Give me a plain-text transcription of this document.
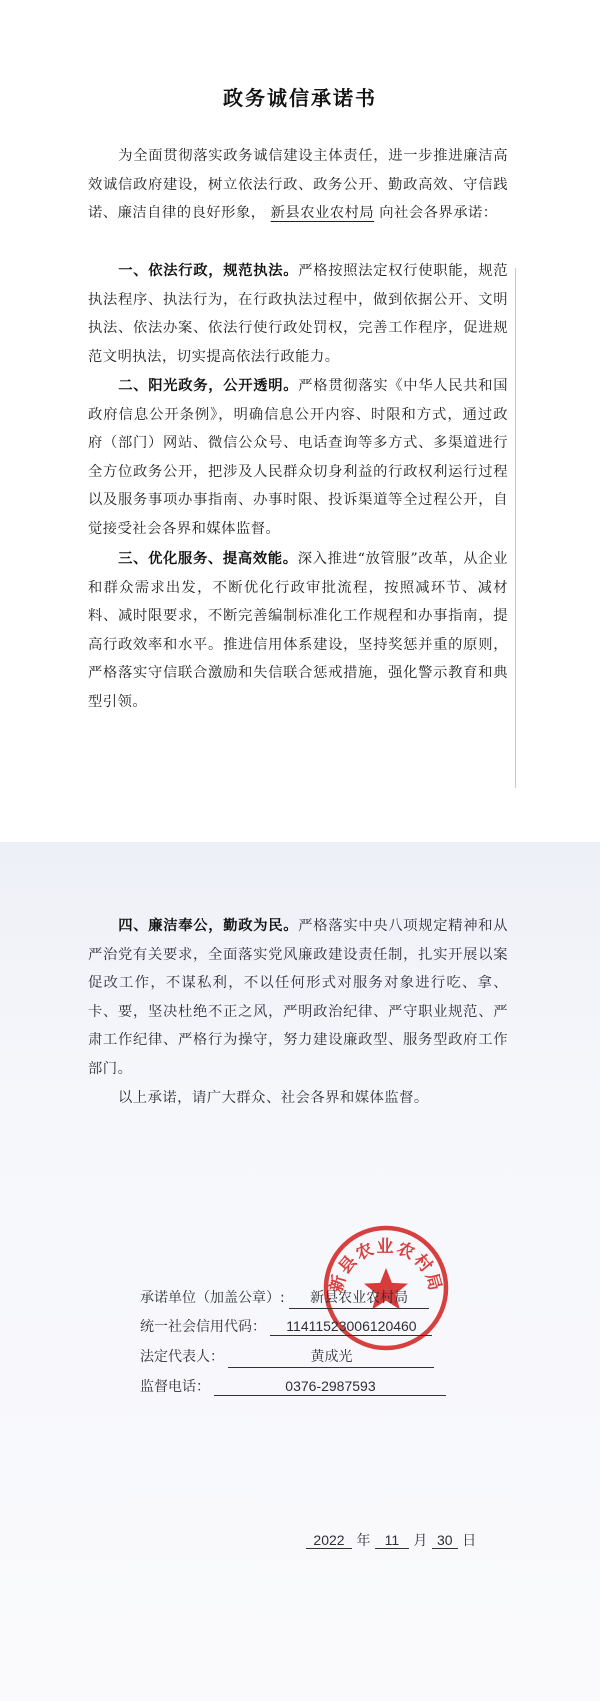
政务诚信承诺书

为全面贯彻落实政务诚信建设主体责任，进一步推进廉洁高效诚信政府建设，树立依法行政、政务公开、勤政高效、守信践诺、廉洁自律的良好形象， 新县农业农村局 向社会各界承诺：

一、依法行政，规范执法。严格按照法定权行使职能，规范执法程序、执法行为，在行政执法过程中，做到依据公开、文明执法、依法办案、依法行使行政处罚权，完善工作程序，促进规范文明执法，切实提高依法行政能力。

二、阳光政务，公开透明。严格贯彻落实《中华人民共和国政府信息公开条例》，明确信息公开内容、时限和方式，通过政府（部门）网站、微信公众号、电话查询等多方式、多渠道进行全方位政务公开，把涉及人民群众切身利益的行政权利运行过程以及服务事项办事指南、办事时限、投诉渠道等全过程公开，自觉接受社会各界和媒体监督。

三、优化服务、提高效能。深入推进“放管服”改革，从企业和群众需求出发，不断优化行政审批流程，按照减环节、减材料、减时限要求，不断完善编制标准化工作规程和办事指南，提高行政效率和水平。推进信用体系建设，坚持奖惩并重的原则，严格落实守信联合激励和失信联合惩戒措施，强化警示教育和典型引领。

四、廉洁奉公，勤政为民。严格落实中央八项规定精神和从严治党有关要求，全面落实党风廉政建设责任制，扎实开展以案促改工作，不谋私利，不以任何形式对服务对象进行吃、拿、卡、要，坚决杜绝不正之风，严明政治纪律、严守职业规范、严肃工作纪律、严格行为操守，努力建设廉政型、服务型政府工作部门。

以上承诺，请广大群众、社会各界和媒体监督。

新县农业农村局
承诺单位（加盖公章）: 新县农业农村局
统一社会信用代码： 11411523006120460
法定代表人：	黄成光
监督电话：	0376-2987593
2022 年 11 月 30 日
